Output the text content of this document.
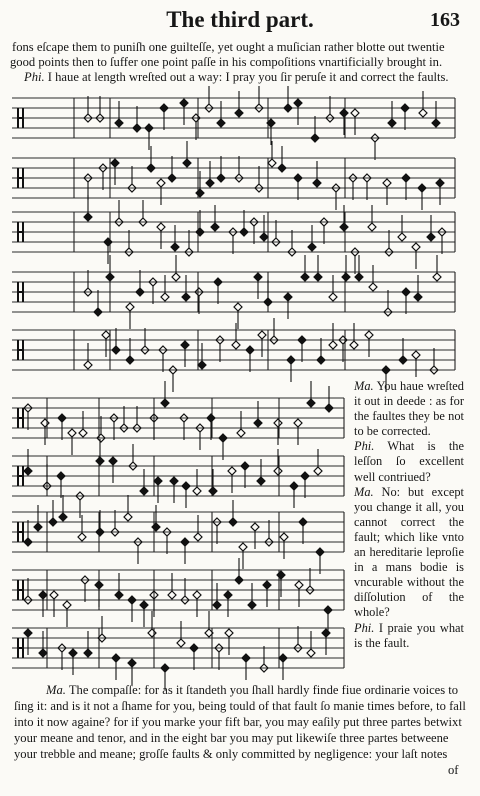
The third part.	163
fons eſcape them to puniſh one guilteſſe, yet ought a muſician rather blotte out twentie
good points then to ſuffer one point paſſe in his compoſitions vnartificially brought in.
Phi. I haue at length wreſted out a way: I pray you ſir peruſe it and correct the faults.

Ma. You haue wreſted it out in deede : as for the faultes they be not to be corrected.

Phi. What is the leſſon ſo excellent well contriued?

Ma. No: but except you change it all, you cannot correct the fault; which like vnto an hereditarie leproſie in a mans bodie is vncurable without the diſſolution of the whole?

Phi. I praie you what is the fault.

Ma. The compaſſe: for as it ſtandeth you ſhall hardly finde fiue ordinarie voices to
ſing it: and is it not a ſhame for you, being tould of that fault ſo manie times before, to fall
into it now againe? for if you marke your fift bar, you may eaſily put three partes betwixt
your meane and tenor, and in the eight bar you may put likewiſe three partes betweene
your trebble and meane; groſſe faults & only committed by negligence: your laſt notes
of
